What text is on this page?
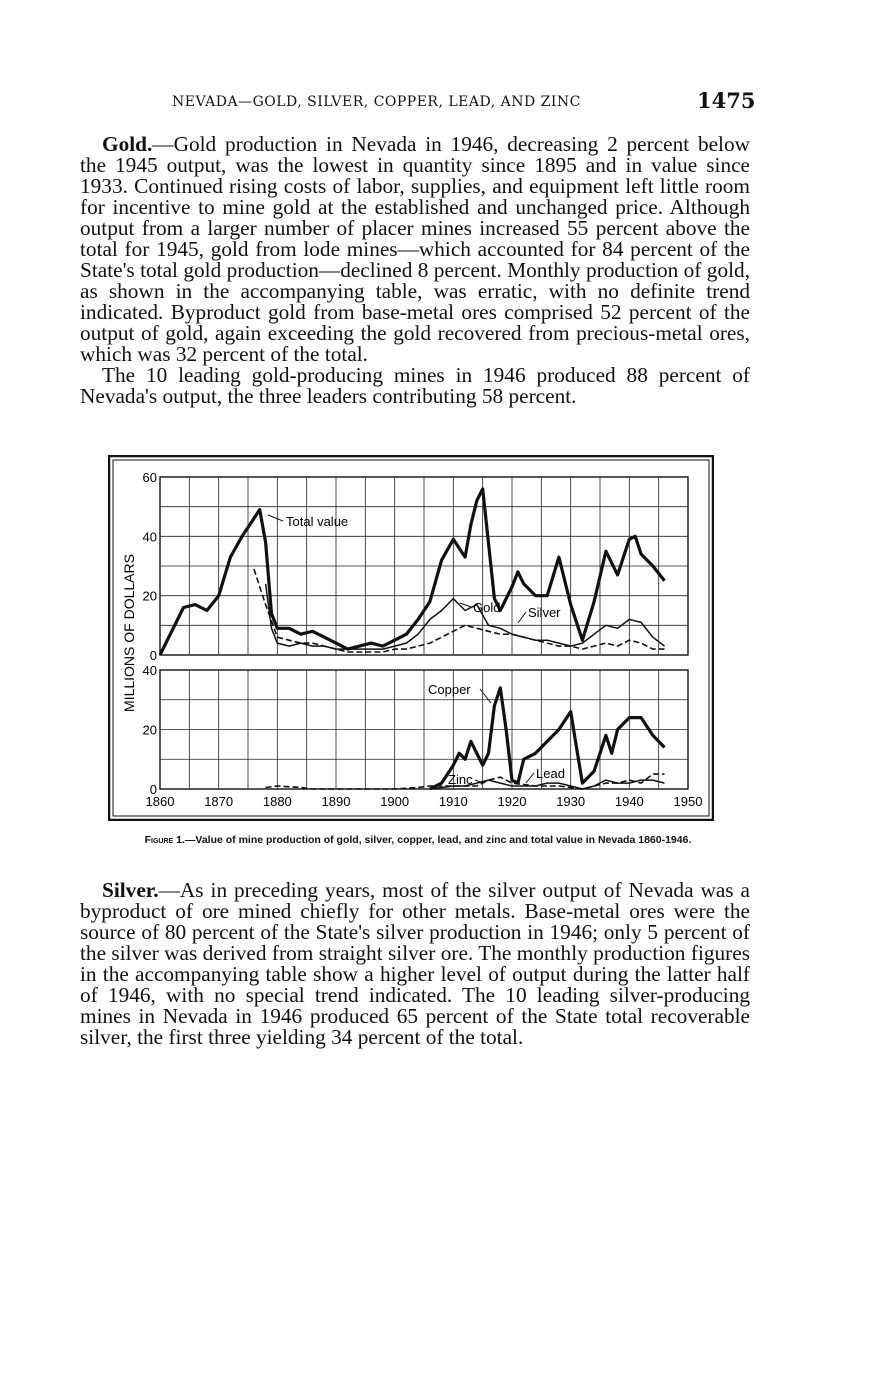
NEVADA—GOLD, SILVER, COPPER, LEAD, AND ZINC	1475

Gold.—Gold production in Nevada in 1946, decreasing 2 percent below the 1945 output, was the lowest in quantity since 1895 and in value since 1933. Continued rising costs of labor, supplies, and equipment left little room for incentive to mine gold at the established and unchanged price. Although output from a larger number of placer mines increased 55 percent above the total for 1945, gold from lode mines—which accounted for 84 percent of the State's total gold production—declined 8 percent. Monthly production of gold, as shown in the accompanying table, was erratic, with no definite trend indicated. Byproduct gold from base-metal ores comprised 52 percent of the output of gold, again exceeding the gold recovered from precious-metal ores, which was 32 percent of the total.

The 10 leading gold-producing mines in 1946 produced 88 percent of Nevada's output, the three leaders contributing 58 percent.

0
20
40
60
0
20
40
1860 1870 1880 1890 1900 1910 1920 1930 1940 1950
MILLIONS OF DOLLARS
Total value
Gold Silver
Copper
Lead
Zinc
Figure 1.—Value of mine production of gold, silver, copper, lead, and zinc and total value in Nevada 1860-1946.

Silver.—As in preceding years, most of the silver output of Nevada was a byproduct of ore mined chiefly for other metals. Base-metal ores were the source of 80 percent of the State's silver production in 1946; only 5 percent of the silver was derived from straight silver ore. The monthly production figures in the accompanying table show a higher level of output during the latter half of 1946, with no special trend indicated. The 10 leading silver-producing mines in Nevada in 1946 produced 65 percent of the State total recoverable silver, the first three yielding 34 percent of the total.
